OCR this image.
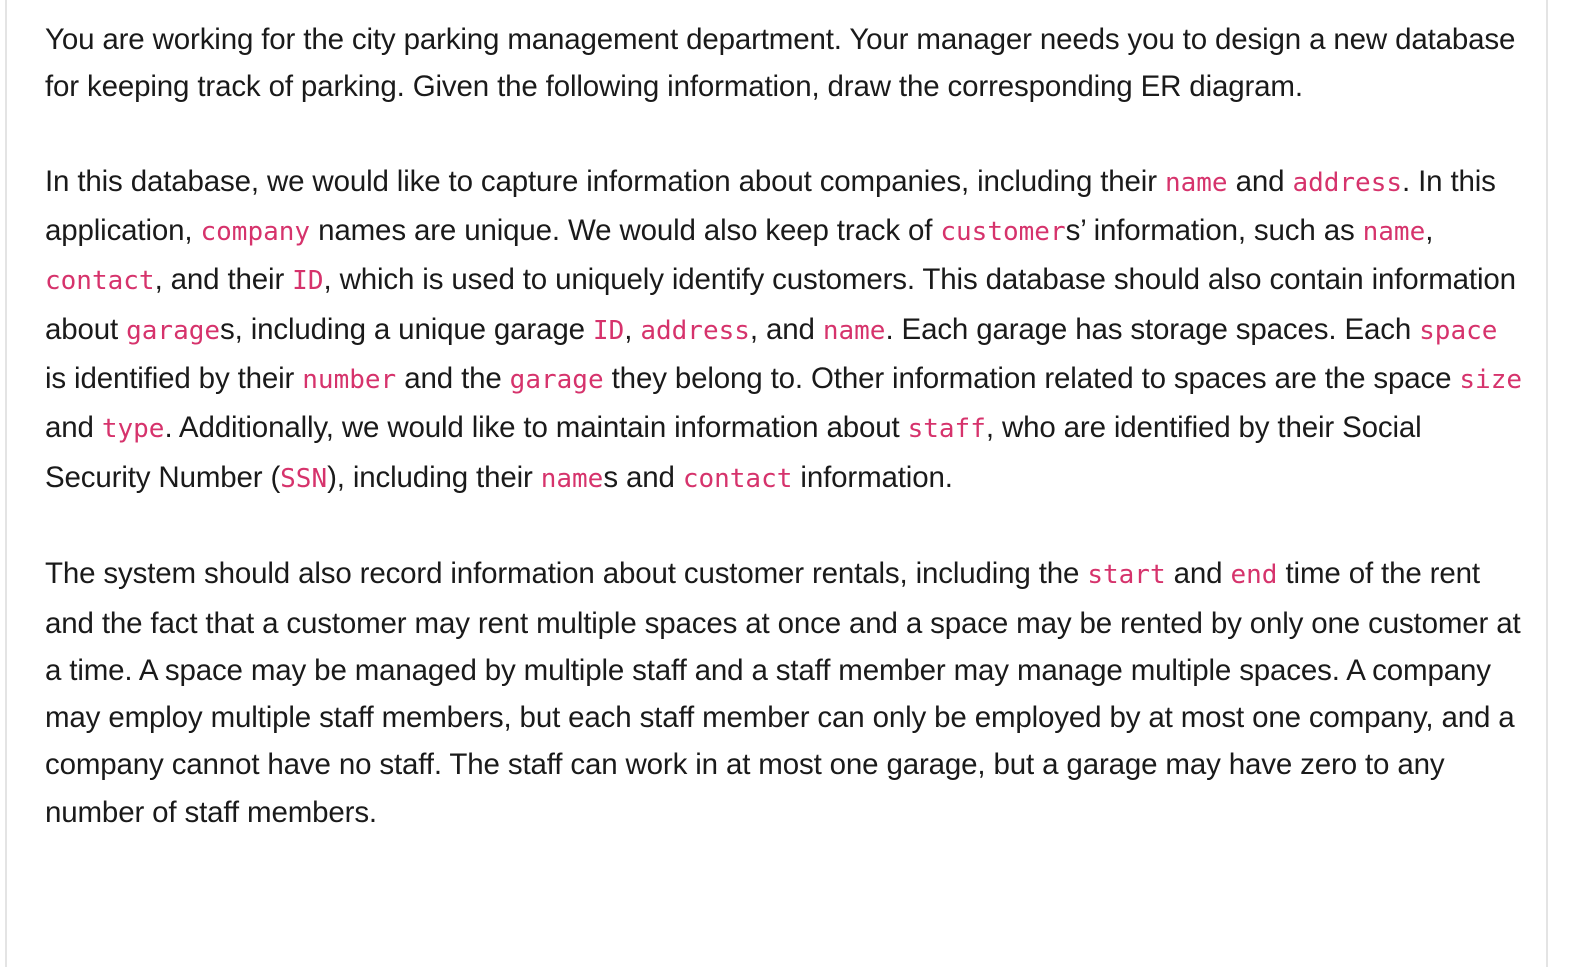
You are working for the city parking management department. Your manager needs you to design a new database for keeping track of parking. Given the following information, draw the corresponding ER diagram.

In this database, we would like to capture information about companies, including their name and address. In this application, company names are unique. We would also keep track of customers’ information, such as name, contact, and their ID, which is used to uniquely identify customers. This database should also contain information about garages, including a unique garage ID, address, and name. Each garage has storage spaces. Each space is identified by their number and the garage they belong to. Other information related to spaces are the space size and type. Additionally, we would like to maintain information about staff, who are identified by their Social Security Number (SSN), including their names and contact information.

The system should also record information about customer rentals, including the start and end time of the rent and the fact that a customer may rent multiple spaces at once and a space may be rented by only one customer at a time. A space may be managed by multiple staff and a staff member may manage multiple spaces. A company may employ multiple staff members, but each staff member can only be employed by at most one company, and a company cannot have no staff. The staff can work in at most one garage, but a garage may have zero to any number of staff members.
